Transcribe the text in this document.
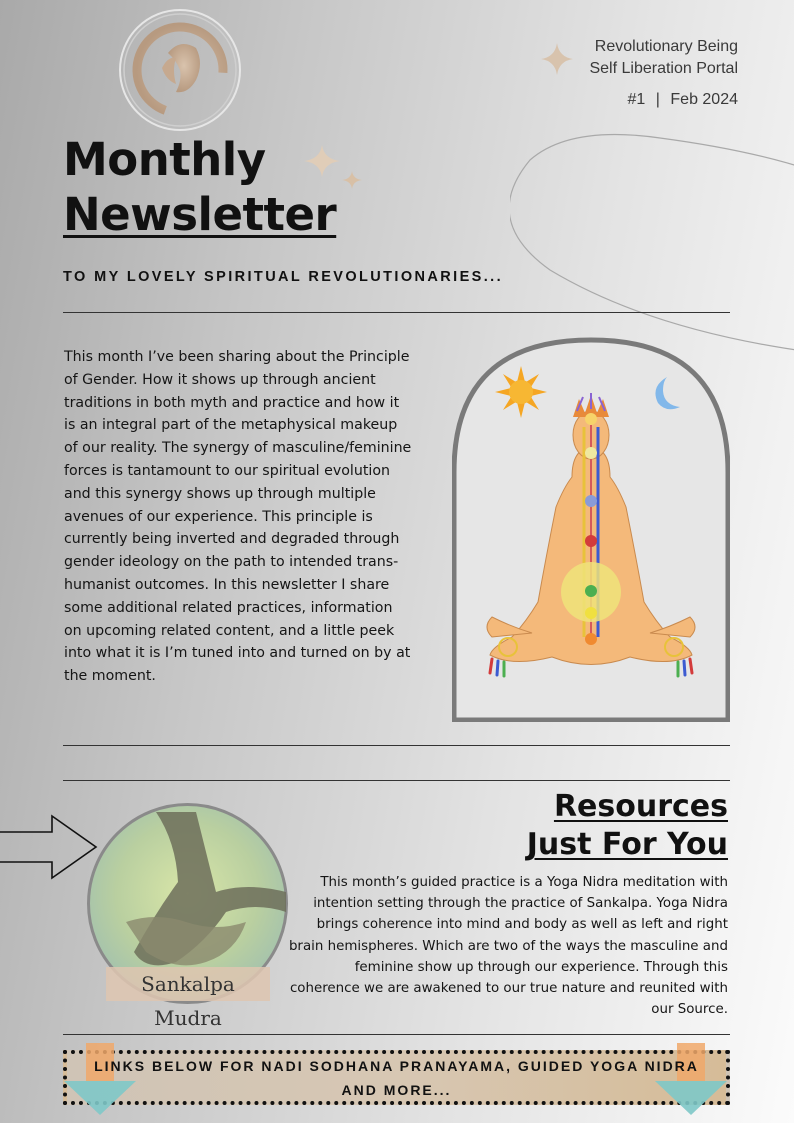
Revolutionary Being
Self Liberation Portal
#1 | Feb 2024
Monthly
Newsletter
TO MY LOVELY SPIRITUAL REVOLUTIONARIES...
This month I’ve been sharing about the Principle of Gender. How it shows up through ancient traditions in both myth and practice and how it is an integral part of the metaphysical makeup of our reality. The synergy of masculine/feminine forces is tantamount to our spiritual evolution and this synergy shows up through multiple avenues of our experience. This principle is currently being inverted and degraded through gender ideology on the path to intended trans-humanist outcomes. In this newsletter I share some additional related practices, information on upcoming related content, and a little peek into what it is I’m tuned into and turned on by at the moment.
Resources
Just For You
This month’s guided practice is a Yoga Nidra meditation with intention setting through the practice of Sankalpa. Yoga Nidra brings coherence into mind and body as well as left and right brain hemispheres. Which are two of the ways the masculine and feminine show up through our experience. Through this coherence we are awakened to our true nature and reunited with our Source.
Sankalpa Mudra
LINKS BELOW FOR NADI SODHANA PRANAYAMA, GUIDED YOGA NIDRA
AND MORE...
